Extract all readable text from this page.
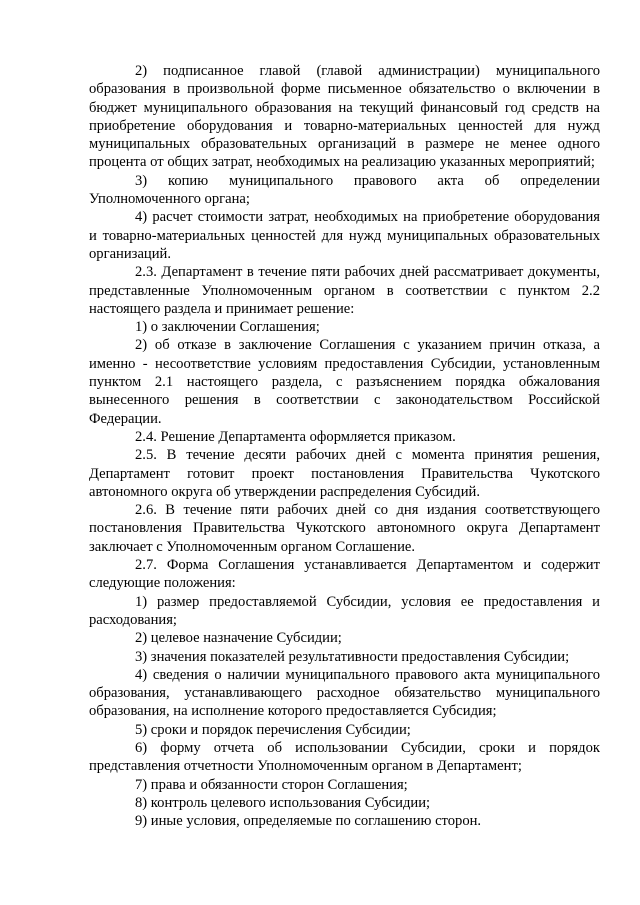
2) подписанное главой (главой администрации) муниципального образования в произвольной форме письменное обязательство о включении в бюджет муниципального образования на текущий финансовый год средств на приобретение оборудования и товарно-материальных ценностей для нужд муниципальных образовательных организаций в размере не менее одного процента от общих затрат, необходимых на реализацию указанных мероприятий;

3) копию муниципального правового акта об определении Уполномоченного органа;

4) расчет стоимости затрат, необходимых на приобретение оборудования и товарно-материальных ценностей для нужд муниципальных образовательных организаций.

2.3. Департамент в течение пяти рабочих дней рассматривает документы, представленные Уполномоченным органом в соответствии с пунктом 2.2 настоящего раздела и принимает решение:

1) о заключении Соглашения;

2) об отказе в заключение Соглашения с указанием причин отказа, а именно - несоответствие условиям предоставления Субсидии, установленным пунктом 2.1 настоящего раздела, с разъяснением порядка обжалования вынесенного решения в соответствии с законодательством Российской Федерации.

2.4. Решение Департамента оформляется приказом.

2.5. В течение десяти рабочих дней с момента принятия решения, Департамент готовит проект постановления Правительства Чукотского автономного округа об утверждении распределения Субсидий.

2.6. В течение пяти рабочих дней со дня издания соответствующего постановления Правительства Чукотского автономного округа Департамент заключает с Уполномоченным органом Соглашение.

2.7. Форма Соглашения устанавливается Департаментом и содержит следующие положения:

1) размер предоставляемой Субсидии, условия ее предоставления и расходования;

2) целевое назначение Субсидии;

3) значения показателей результативности предоставления Субсидии;

4) сведения о наличии муниципального правового акта муниципального образования, устанавливающего расходное обязательство муниципального образования, на исполнение которого предоставляется Субсидия;

5) сроки и порядок перечисления Субсидии;

6) форму отчета об использовании Субсидии, сроки и порядок представления отчетности Уполномоченным органом в Департамент;

7) права и обязанности сторон Соглашения;

8) контроль целевого использования Субсидии;

9) иные условия, определяемые по соглашению сторон.
